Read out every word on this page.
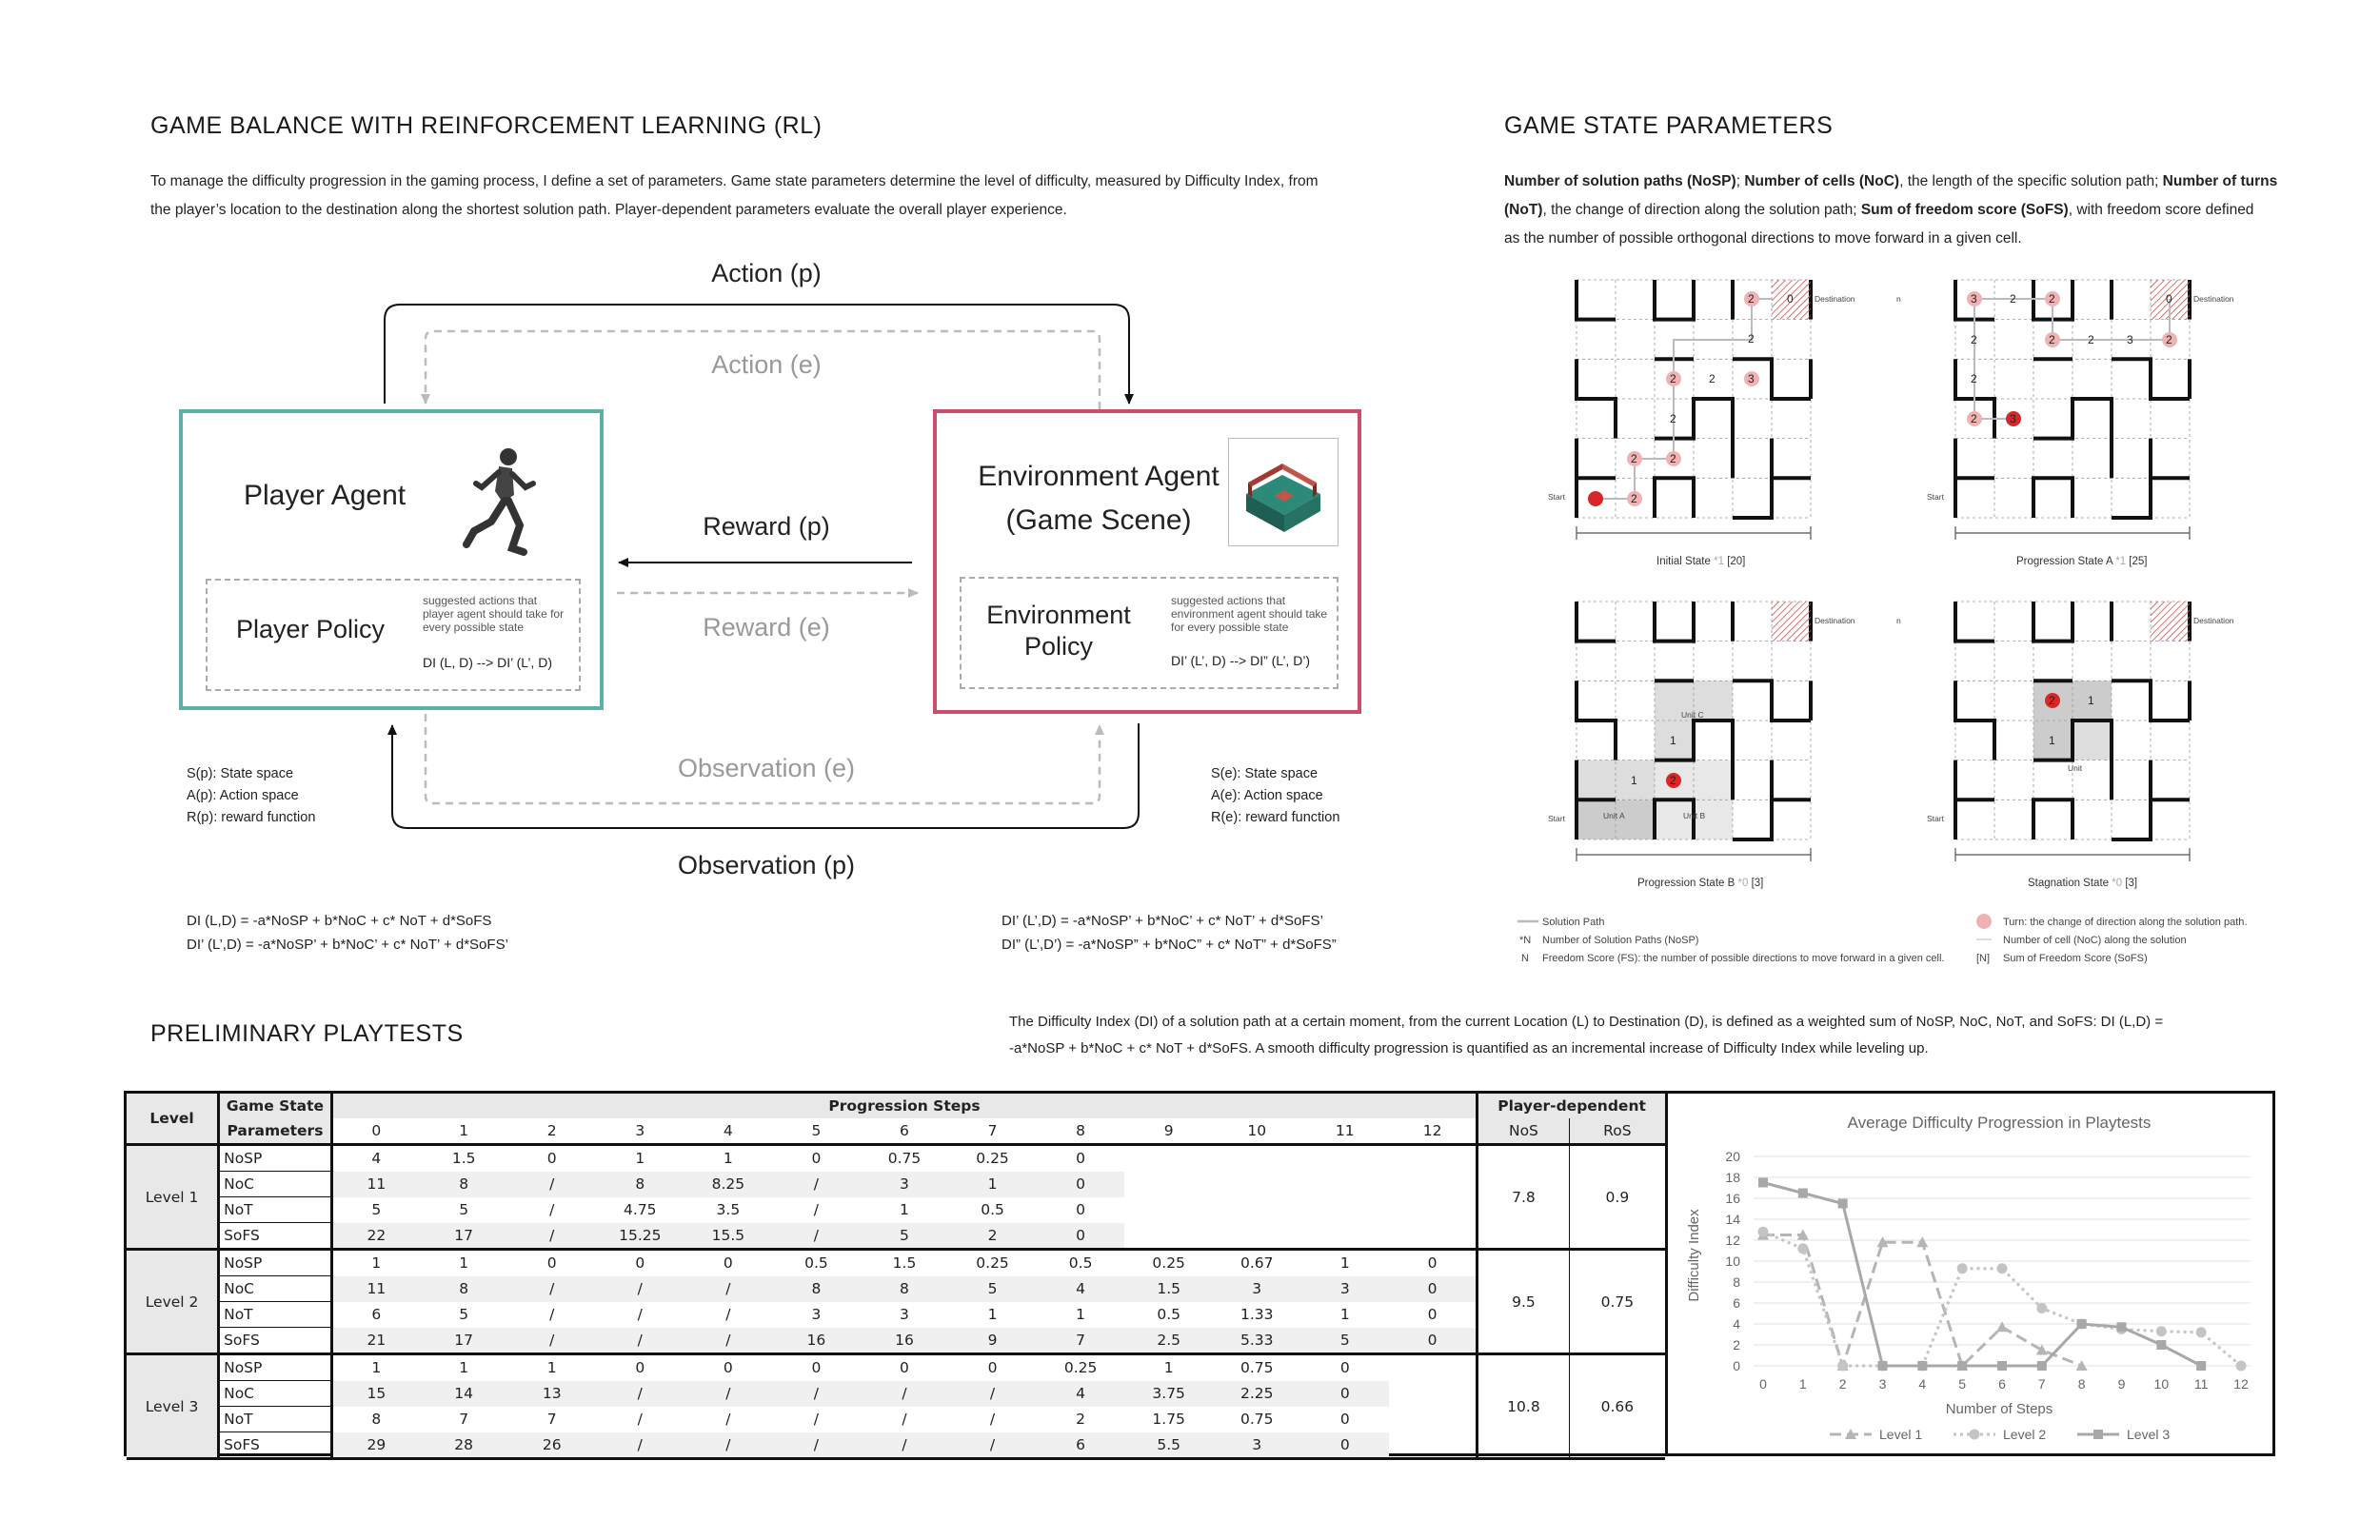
GAME BALANCE WITH REINFORCEMENT LEARNING (RL)
To manage the difficulty progression in the gaming process, I define a set of parameters. Game state parameters determine the level of difficulty, measured by Difficulty Index, from
the player’s location to the destination along the shortest solution path. Player-dependent parameters evaluate the overall player experience.
Action (p)
Action (e)
Reward (p)
Reward (e)
Observation (e)
Observation (p)
Player Agent
Player Policy
suggested actions that player agent should take for every possible state
DI (L, D) --> DI’ (L’, D)
Environment Agent
(Game Scene)
Environment
Policy
suggested actions that environment agent should take for every possible state
DI’ (L’, D) --> DI” (L’, D’)
S(p): State space
A(p): Action space
R(p): reward function
S(e): State space
A(e): Action space
R(e): reward function
DI (L,D) = -a*NoSP + b*NoC + c* NoT + d*SoFS
DI’ (L’,D) = -a*NoSP’ + b*NoC’ + c* NoT’ + d*SoFS’
DI’ (L’,D) = -a*NoSP’ + b*NoC’ + c* NoT’ + d*SoFS’
DI” (L’,D’) = -a*NoSP” + b*NoC” + c* NoT” + d*SoFS”
GAME STATE PARAMETERS
Number of solution paths (NoSP); Number of cells (NoC), the length of the specific solution path; Number of turns
(NoT), the change of direction along the solution path; Sum of freedom score (SoFS), with freedom score defined
as the number of possible orthogonal directions to move forward in a given cell.
2
2	2
2
2	2	3
2
2	0	3	2	2
2	2	3	2
0
2
2
2	3
Unit C
Unit A	Unit B
1
1	2
2	1
1
Unit
Start	Start
Start	Start
Destination	Destination
Destination	Destination
n
n
Initial State *1 [20]	Progression State A *1 [25]
Progression State B *0 [3]	Stagnation State *0 [3]
Solution Path
*N Number of Solution Paths (NoSP)
N Freedom Score (FS): the number of possible directions to move forward in a given cell.
Turn: the change of direction along the solution path.
Number of cell (NoC) along the solution
[N] Sum of Freedom Score (SoFS)
The Difficulty Index (DI) of a solution path at a certain moment, from the current Location (L) to Destination (D), is defined as a weighted sum of NoSP, NoC, NoT, and SoFS: DI (L,D) =
-a*NoSP + b*NoC + c* NoT + d*SoFS. A smooth difficulty progression is quantified as an incremental increase of Difficulty Index while leveling up.
PRELIMINARY PLAYTESTS
Level	Game State	Progression Steps													Player-dependent	
	Parameters	0	1	2	3	4	5	6	7	8	9	10	11	12	NoS	RoS
Level 1	NoSP	4	1.5	0	1	1	0	0.75	0.25	0					7.8	0.9
	NoC	11	8	/	8	8.25	/	3	1	0						
	NoT	5	5	/	4.75	3.5	/	1	0.5	0						
	SoFS	22	17	/	15.25	15.5	/	5	2	0						
Level 2	NoSP	1	1	0	0	0	0.5	1.5	0.25	0.5	0.25	0.67	1	0	9.5	0.75
	NoC	11	8	/	/	/	8	8	5	4	1.5	3	3	0		
	NoT	6	5	/	/	/	3	3	1	1	0.5	1.33	1	0		
	SoFS	21	17	/	/	/	16	16	9	7	2.5	5.33	5	0		
Level 3	NoSP	1	1	1	0	0	0	0	0	0.25	1	0.75	0		10.8	0.66
	NoC	15	14	13	/	/	/	/	/	4	3.75	2.25	0			
	NoT	8	7	7	/	/	/	/	/	2	1.75	0.75	0			
	SoFS	29	28	26	/	/	/	/	/	6	5.5	3	0			
Average Difficulty Progression in Playtests
0 1 2 3 4 5 6 7 8 9 10 11 12
0
2
4
6
8
10
12
14
16
18
20
Number of Steps
Difficulty Index
Level 1	Level 2	Level 3
